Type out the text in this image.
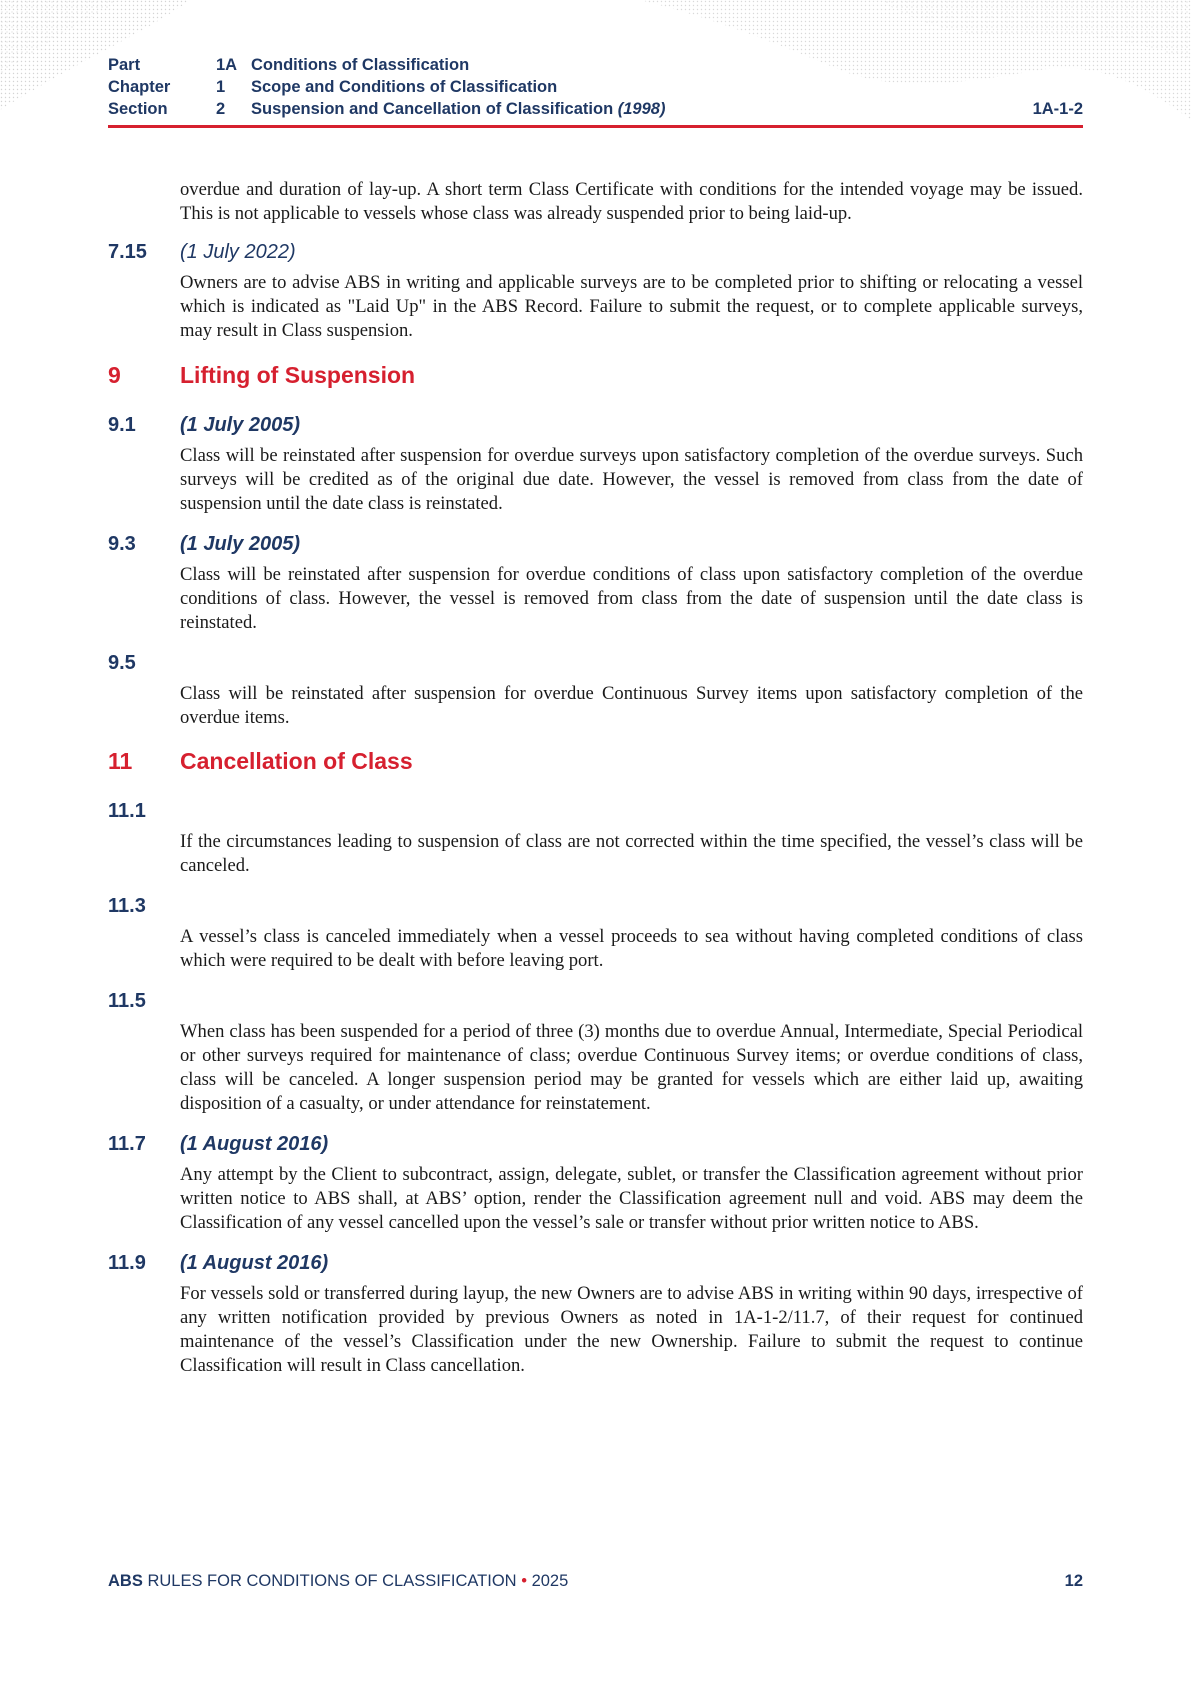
Part	1A Conditions of Classification
Chapter	1 Scope and Conditions of Classification
Section	2 Suspension and Cancellation of Classification (1998)	1A-1-2

overdue and duration of lay-up. A short term Class Certificate with conditions for the intended voyage may be issued. This is not applicable to vessels whose class was already suspended prior to being laid-up.

7.15	(1 July 2022)

Owners are to advise ABS in writing and applicable surveys are to be completed prior to shifting or relocating a vessel which is indicated as "Laid Up" in the ABS Record. Failure to submit the request, or to complete applicable surveys, may result in Class suspension.

9	Lifting of Suspension
9.1	(1 July 2005)

Class will be reinstated after suspension for overdue surveys upon satisfactory completion of the overdue surveys. Such surveys will be credited as of the original due date. However, the vessel is removed from class from the date of suspension until the date class is reinstated.

9.3	(1 July 2005)

Class will be reinstated after suspension for overdue conditions of class upon satisfactory completion of the overdue conditions of class. However, the vessel is removed from class from the date of suspension until the date class is reinstated.

9.5

Class will be reinstated after suspension for overdue Continuous Survey items upon satisfactory completion of the overdue items.

11	Cancellation of Class
11.1

If the circumstances leading to suspension of class are not corrected within the time specified, the vessel’s class will be canceled.

11.3

A vessel’s class is canceled immediately when a vessel proceeds to sea without having completed conditions of class which were required to be dealt with before leaving port.

11.5

When class has been suspended for a period of three (3) months due to overdue Annual, Intermediate, Special Periodical or other surveys required for maintenance of class; overdue Continuous Survey items; or overdue conditions of class, class will be canceled. A longer suspension period may be granted for vessels which are either laid up, awaiting disposition of a casualty, or under attendance for reinstatement.

11.7	(1 August 2016)

Any attempt by the Client to subcontract, assign, delegate, sublet, or transfer the Classification agreement without prior written notice to ABS shall, at ABS’ option, render the Classification agreement null and void. ABS may deem the Classification of any vessel cancelled upon the vessel’s sale or transfer without prior written notice to ABS.

11.9	(1 August 2016)

For vessels sold or transferred during layup, the new Owners are to advise ABS in writing within 90 days, irrespective of any written notification provided by previous Owners as noted in 1A-1-2/11.7, of their request for continued maintenance of the vessel’s Classification under the new Ownership. Failure to submit the request to continue Classification will result in Class cancellation.

ABS RULES FOR CONDITIONS OF CLASSIFICATION • 2025	12
